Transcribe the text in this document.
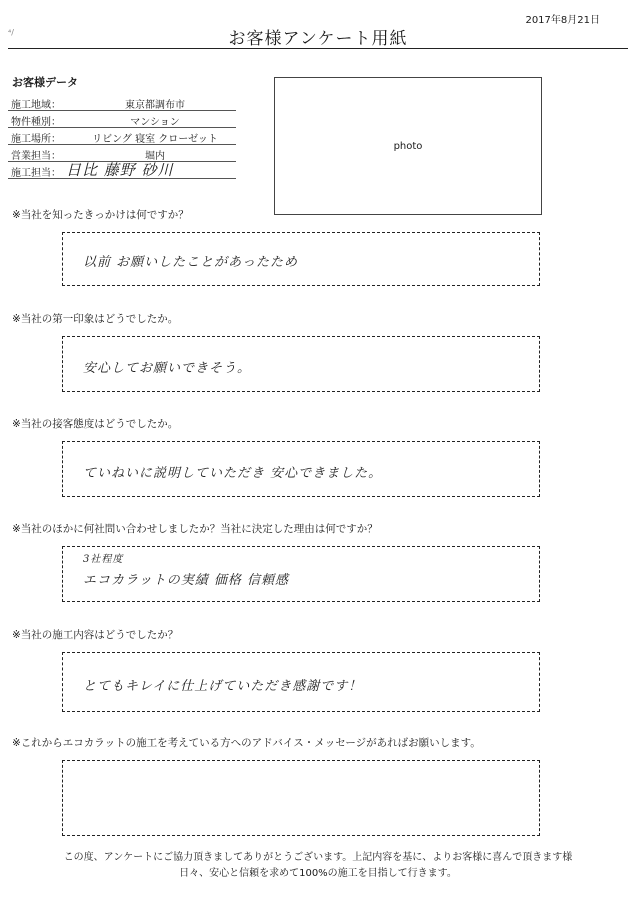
⁴/
2017年8月21日
お客様アンケート用紙
お客様データ
施工地域：	東京都調布市
物件種別：	マンション
施工場所：	リビング 寝室 クローゼット
営業担当：	堀内
施工担当： 日比 藤野 砂川
photo
※当社を知ったきっかけは何ですか？
以前 お願いしたことがあったため
※当社の第一印象はどうでしたか。
安心してお願いできそう。
※当社の接客態度はどうでしたか。
ていねいに説明していただき 安心できました。
※当社のほかに何社問い合わせしましたか？当社に決定した理由は何ですか？
3社程度
エコカラットの実績 価格 信頼感
※当社の施工内容はどうでしたか？
とてもキレイに仕上げていただき感謝です！
※これからエコカラットの施工を考えている方へのアドバイス・メッセージがあればお願いします。
この度、アンケートにご協力頂きましてありがとうございます。上記内容を基に、よりお客様に喜んで頂きます様
日々、安心と信頼を求めて100%の施工を目指して行きます。
